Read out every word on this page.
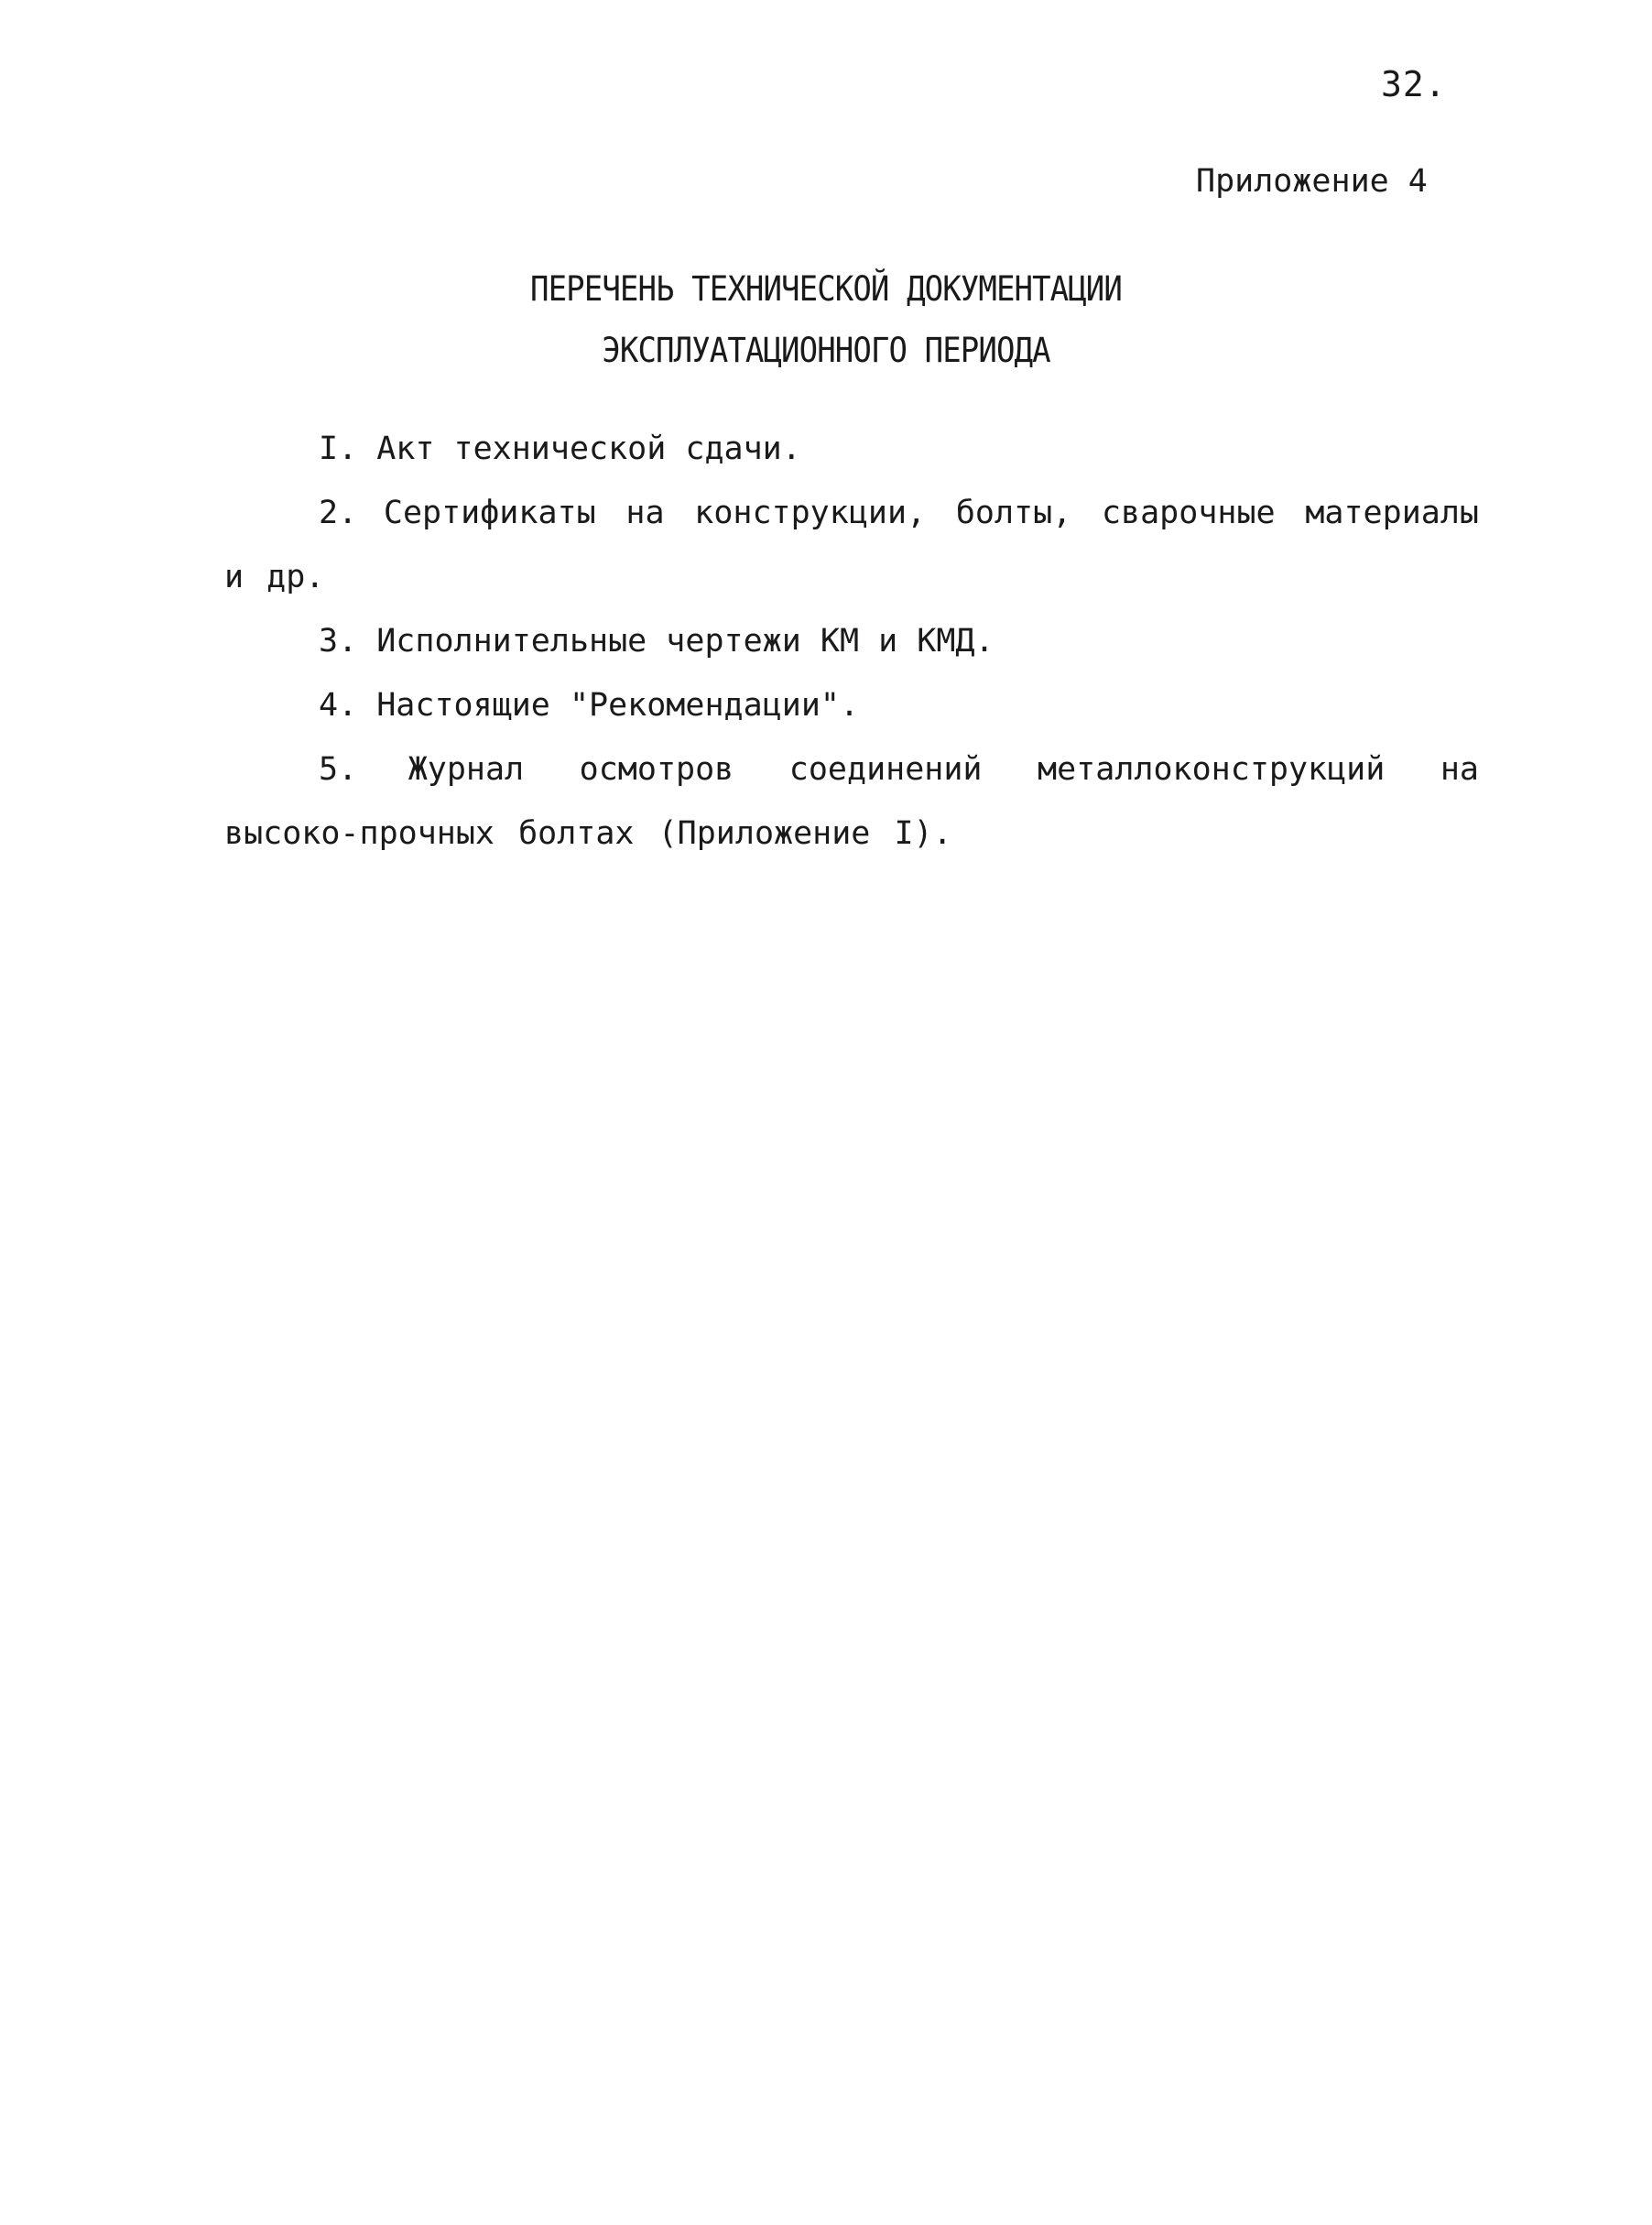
32.
Приложение 4
ПЕРЕЧЕНЬ ТЕХНИЧЕСКОЙ ДОКУМЕНТАЦИИ
ЭКСПЛУАТАЦИОННОГО ПЕРИОДА

I. Акт технической сдачи.

2. Сертификаты на конструкции, болты, сварочные материалы и др.

3. Исполнительные чертежи КМ и КМД.

4. Настоящие "Рекомендации".

5. Журнал осмотров соединений металлоконструкций на высоко-прочных болтах (Приложение I).
